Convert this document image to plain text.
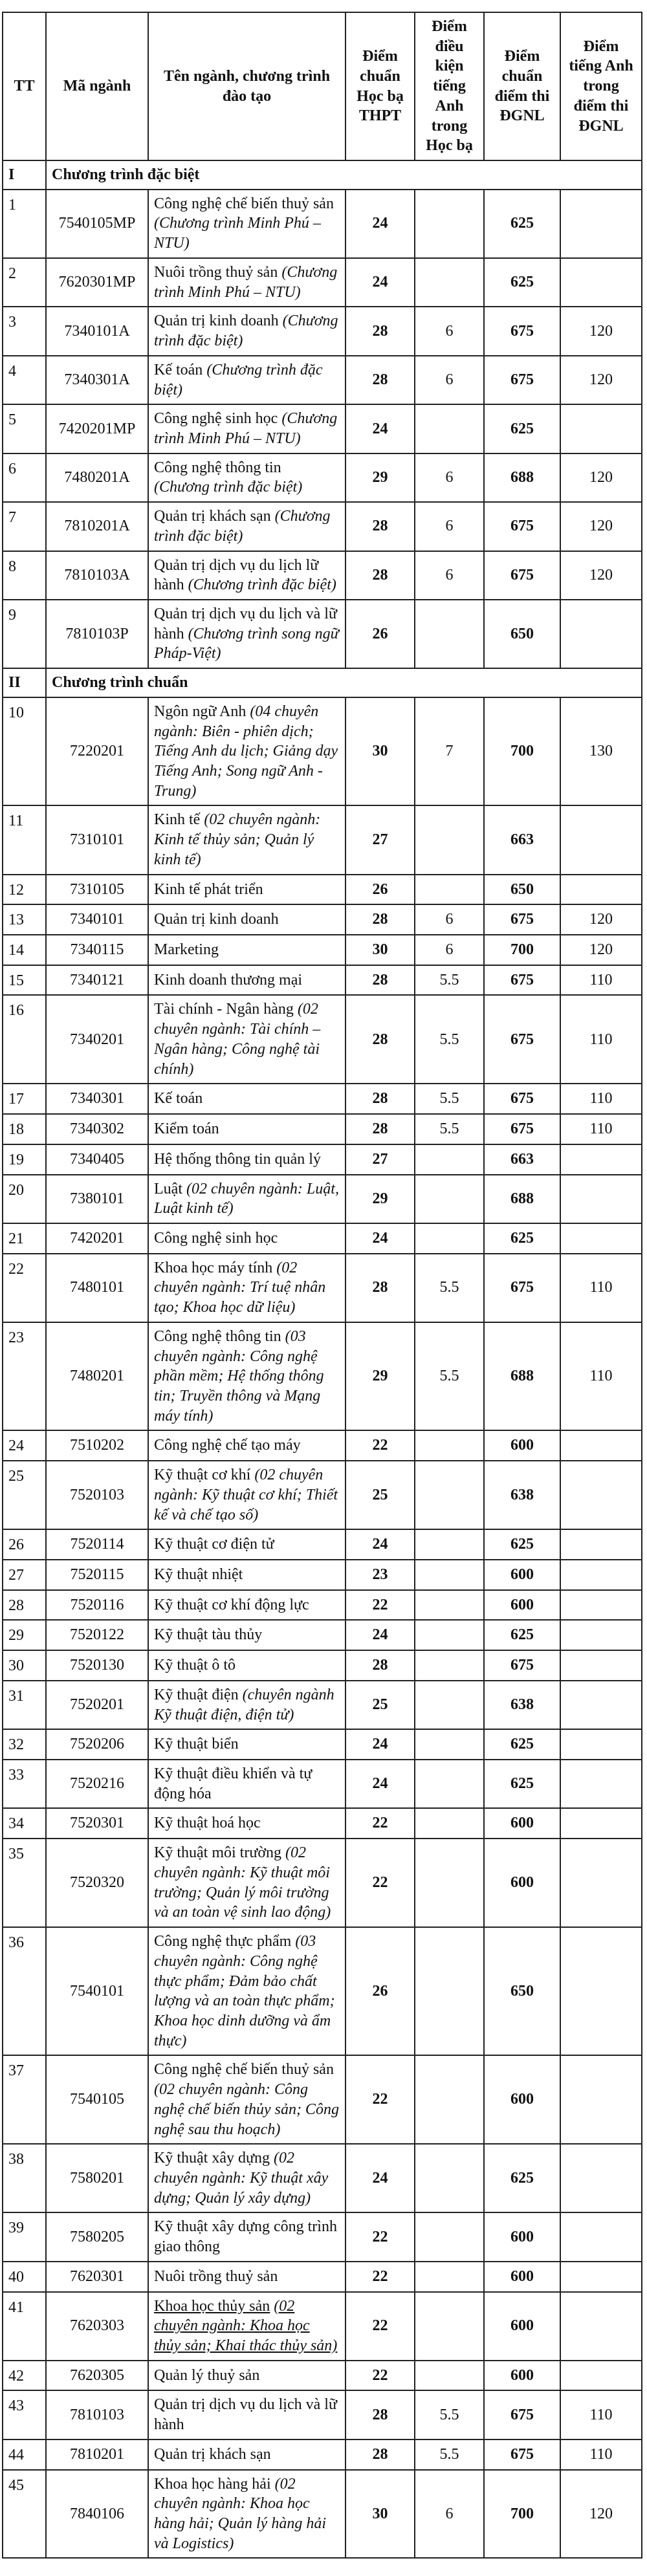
TT	Mã ngành	Tên ngành, chương trình đào tạo	Điểm chuẩn Học bạ THPT	Điểm điều kiện tiếng Anh trong Học bạ	Điểm chuẩn điểm thi ĐGNL	Điểm tiếng Anh trong điểm thi ĐGNL
I	Chương trình đặc biệt					
1	7540105MP	Công nghệ chế biến thuỷ sản (Chương trình Minh Phú – NTU)	24		625	
2	7620301MP	Nuôi trồng thuỷ sản (Chương trình Minh Phú – NTU)	24		625	
3	7340101A	Quản trị kinh doanh (Chương trình đặc biệt)	28	6	675	120
4	7340301A	Kế toán (Chương trình đặc biệt)	28	6	675	120
5	7420201MP	Công nghệ sinh học (Chương trình Minh Phú – NTU)	24		625	
6	7480201A	Công nghệ thông tin (Chương trình đặc biệt)	29	6	688	120
7	7810201A	Quản trị khách sạn (Chương trình đặc biệt)	28	6	675	120
8	7810103A	Quản trị dịch vụ du lịch lữ hành (Chương trình đặc biệt)	28	6	675	120
9	7810103P	Quản trị dịch vụ du lịch và lữ hành (Chương trình song ngữ Pháp-Việt)	26		650	
II	Chương trình chuẩn					
10	7220201	Ngôn ngữ Anh (04 chuyên ngành: Biên - phiên dịch; Tiếng Anh du lịch; Giảng dạy Tiếng Anh; Song ngữ Anh - Trung)	30	7	700	130
11	7310101	Kinh tế (02 chuyên ngành: Kinh tế thủy sản; Quản lý kinh tế)	27		663	
12	7310105	Kinh tế phát triển	26		650	
13	7340101	Quản trị kinh doanh	28	6	675	120
14	7340115	Marketing	30	6	700	120
15	7340121	Kinh doanh thương mại	28	5.5	675	110
16	7340201	Tài chính - Ngân hàng (02 chuyên ngành: Tài chính – Ngân hàng; Công nghệ tài chính)	28	5.5	675	110
17	7340301	Kế toán	28	5.5	675	110
18	7340302	Kiểm toán	28	5.5	675	110
19	7340405	Hệ thống thông tin quản lý	27		663	
20	7380101	Luật (02 chuyên ngành: Luật, Luật kinh tế)	29		688	
21	7420201	Công nghệ sinh học	24		625	
22	7480101	Khoa học máy tính (02 chuyên ngành: Trí tuệ nhân tạo; Khoa học dữ liệu)	28	5.5	675	110
23	7480201	Công nghệ thông tin (03 chuyên ngành: Công nghệ phần mềm; Hệ thống thông tin; Truyền thông và Mạng máy tính)	29	5.5	688	110
24	7510202	Công nghệ chế tạo máy	22		600	
25	7520103	Kỹ thuật cơ khí (02 chuyên ngành: Kỹ thuật cơ khí; Thiết kế và chế tạo số)	25		638	
26	7520114	Kỹ thuật cơ điện tử	24		625	
27	7520115	Kỹ thuật nhiệt	23		600	
28	7520116	Kỹ thuật cơ khí động lực	22		600	
29	7520122	Kỹ thuật tàu thủy	24		625	
30	7520130	Kỹ thuật ô tô	28		675	
31	7520201	Kỹ thuật điện (chuyên ngành Kỹ thuật điện, điện tử)	25		638	
32	7520206	Kỹ thuật biển	24		625	
33	7520216	Kỹ thuật điều khiển và tự động hóa	24		625	
34	7520301	Kỹ thuật hoá học	22		600	
35	7520320	Kỹ thuật môi trường (02 chuyên ngành: Kỹ thuật môi trường; Quản lý môi trường và an toàn vệ sinh lao động)	22		600	
36	7540101	Công nghệ thực phẩm (03 chuyên ngành: Công nghệ thực phẩm; Đảm bảo chất lượng và an toàn thực phẩm; Khoa học dinh dưỡng và ẩm thực)	26		650	
37	7540105	Công nghệ chế biến thuỷ sản (02 chuyên ngành: Công nghệ chế biến thủy sản; Công nghệ sau thu hoạch)	22		600	
38	7580201	Kỹ thuật xây dựng (02 chuyên ngành: Kỹ thuật xây dựng; Quản lý xây dựng)	24		625	
39	7580205	Kỹ thuật xây dựng công trình giao thông	22		600	
40	7620301	Nuôi trồng thuỷ sản	22		600	
41	7620303	Khoa học thủy sản (02 chuyên ngành: Khoa học thủy sản; Khai thác thủy sản)	22		600	
42	7620305	Quản lý thuỷ sản	22		600	
43	7810103	Quản trị dịch vụ du lịch và lữ hành	28	5.5	675	110
44	7810201	Quản trị khách sạn	28	5.5	675	110
45	7840106	Khoa học hàng hải (02 chuyên ngành: Khoa học hàng hải; Quản lý hàng hải và Logistics)	30	6	700	120
